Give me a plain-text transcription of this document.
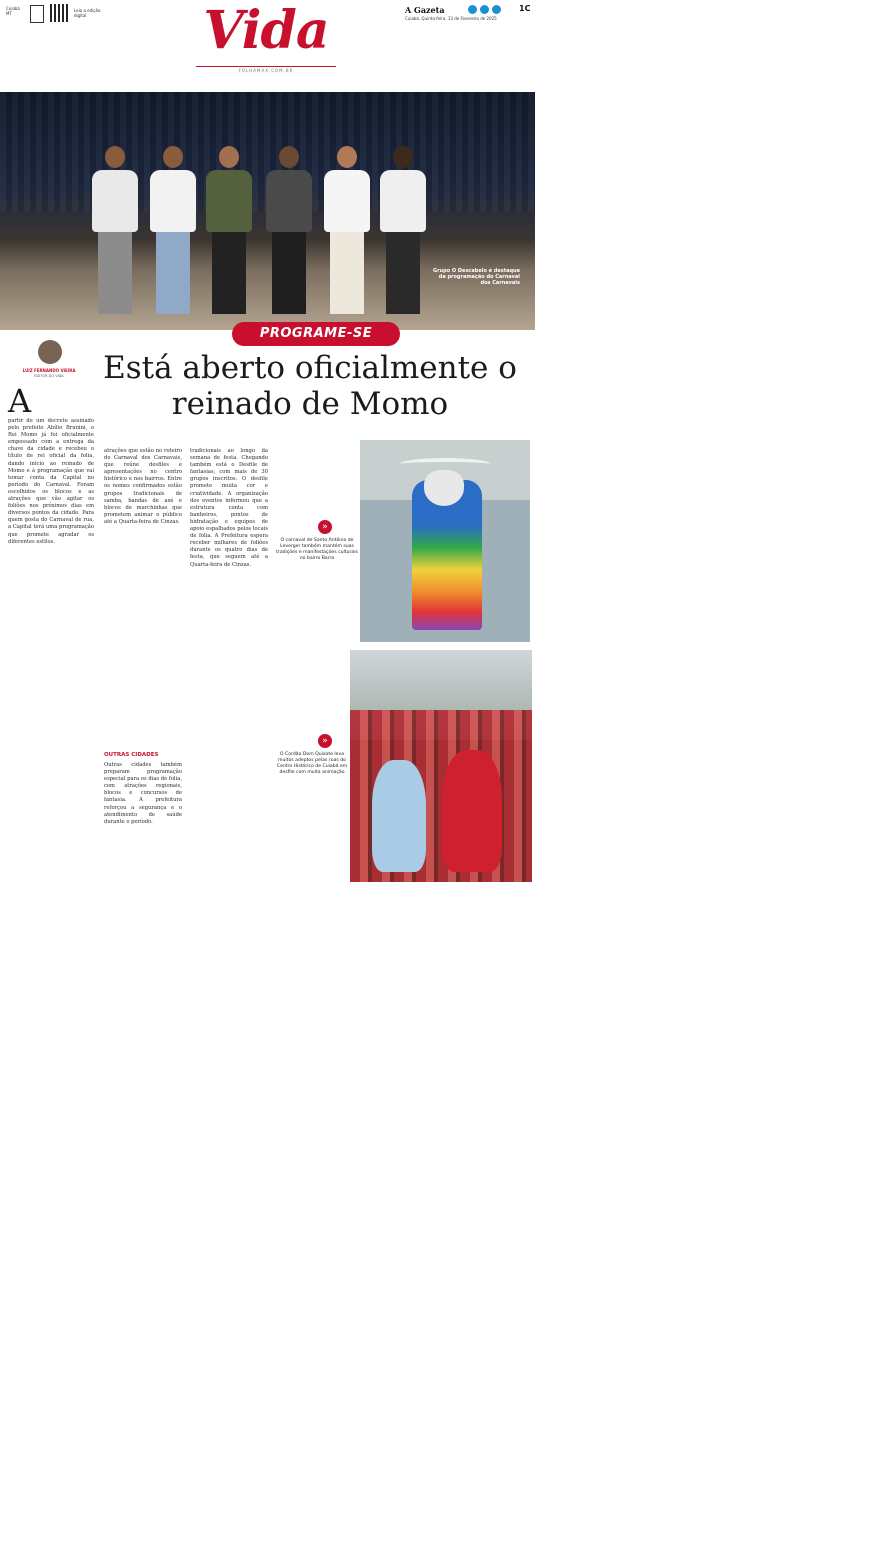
Cuiabá
MT
Leia a edição digital	Vida
FOLHAMAX.COM.BR
A Gazeta	1C
Cuiabá, Quinta-feira, 13 de Fevereiro de 2025
Grupo O Descabelo é destaque da programação do Carnaval dos Carnavais
PROGRAME-SE
LUIZ FERNANDO VIEIRA
EDITOR DO VIDA	Está aberto oficialmente o reinado de Momo
A
partir de um decreto assinado pelo prefeito Abílio Brunini, o Rei Momo já foi oficialmente empossado com a entrega da chave da cidade e recebeu o título de rei oficial da folia, dando início ao reinado de Momo e à programação que vai tomar conta da Capital no período do Carnaval. Foram escolhidos os blocos e as atrações que vão agitar os foliões nos próximos dias em diversos pontos da cidade. Para quem gosta do Carnaval de rua, a Capital terá uma programação que promete agradar os diferentes estilos.
atrações que estão no roteiro do Carnaval dos Carnavais, que reúne desfiles e apresentações no centro histórico e nos bairros. Entre os nomes confirmados estão grupos tradicionais de samba, bandas de axé e blocos de marchinhas que prometem animar o público até a Quarta-feira de Cinzas.
OUTRAS CIDADES
Outras cidades também preparam programação especial para os dias de folia, com atrações regionais, blocos e concursos de fantasia. A prefeitura reforçou a segurança e o atendimento de saúde durante o período.
tradicionais ao longo da semana de festa. Chegando também está o Desfile de fantasias, com mais de 30 grupos inscritos. O desfile promete muita cor e criatividade. A organização dos eventos informou que a estrutura conta com banheiros, pontos de hidratação e equipes de apoio espalhados pelos locais de folia. A Prefeitura espera receber milhares de foliões durante os quatro dias de festa, que seguem até a Quarta-feira de Cinzas.
»
O carnaval de Santo Antônio de Leverger também mantém suas tradições e manifestações culturais no bairro Barra
»
O Cordão Dom Quixote leva muitos adeptos pelas ruas do Centro Histórico de Cuiabá em desfile com muita animação
GD
